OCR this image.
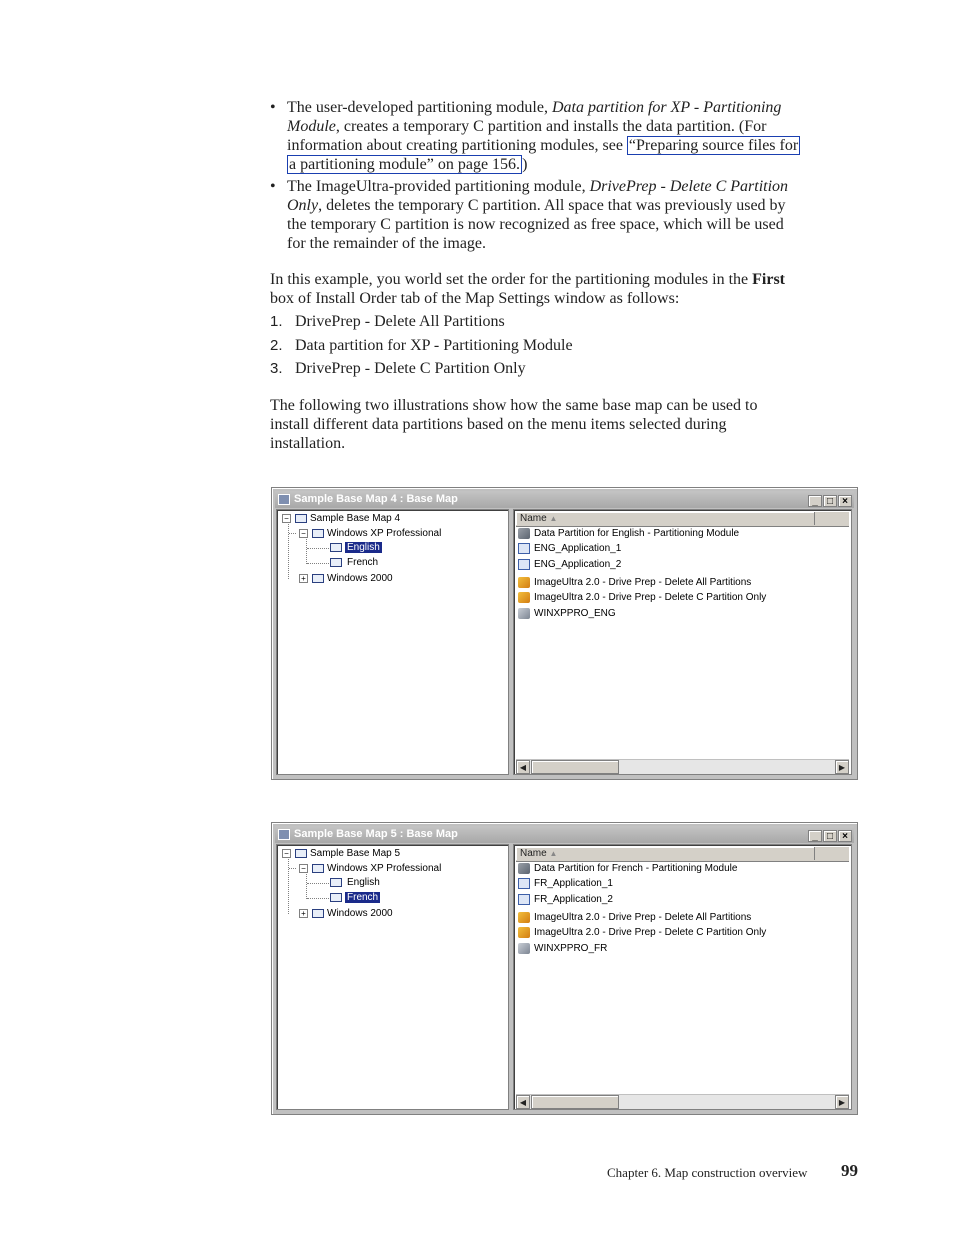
• The user-developed partitioning module, Data partition for XP - Partitioning
Module, creates a temporary C partition and installs the data partition. (For
information about creating partitioning modules, see “Preparing source files for
a partitioning module” on page 156. )
• The ImageUltra-provided partitioning module, DrivePrep - Delete C Partition
Only, deletes the temporary C partition. All space that was previously used by
the temporary C partition is now recognized as free space, which will be used
for the remainder of the image.
In this example, you world set the order for the partitioning modules in the First
box of Install Order tab of the Map Settings window as follows:
1. DrivePrep - Delete All Partitions
2. Data partition for XP - Partitioning Module
3. DrivePrep - Delete C Partition Only
The following two illustrations show how the same base map can be used to
install different data partitions based on the menu items selected during
installation.
Sample Base Map 4 : Base Map	_ □ ×
− Sample Base Map 4
− Windows XP Professional
English
French
+ Windows 2000
Name ▲
Data Partition for English - Partitioning Module
ENG_Application_1
ENG_Application_2
ImageUltra 2.0 - Drive Prep - Delete All Partitions
ImageUltra 2.0 - Drive Prep - Delete C Partition Only
WINXPPRO_ENG
◀	▶
Sample Base Map 5 : Base Map	_ □ ×
− Sample Base Map 5
− Windows XP Professional
English
French
+ Windows 2000
Name ▲
Data Partition for French - Partitioning Module
FR_Application_1
FR_Application_2
ImageUltra 2.0 - Drive Prep - Delete All Partitions
ImageUltra 2.0 - Drive Prep - Delete C Partition Only
WINXPPRO_FR
◀	▶
Chapter 6. Map construction overview 99
